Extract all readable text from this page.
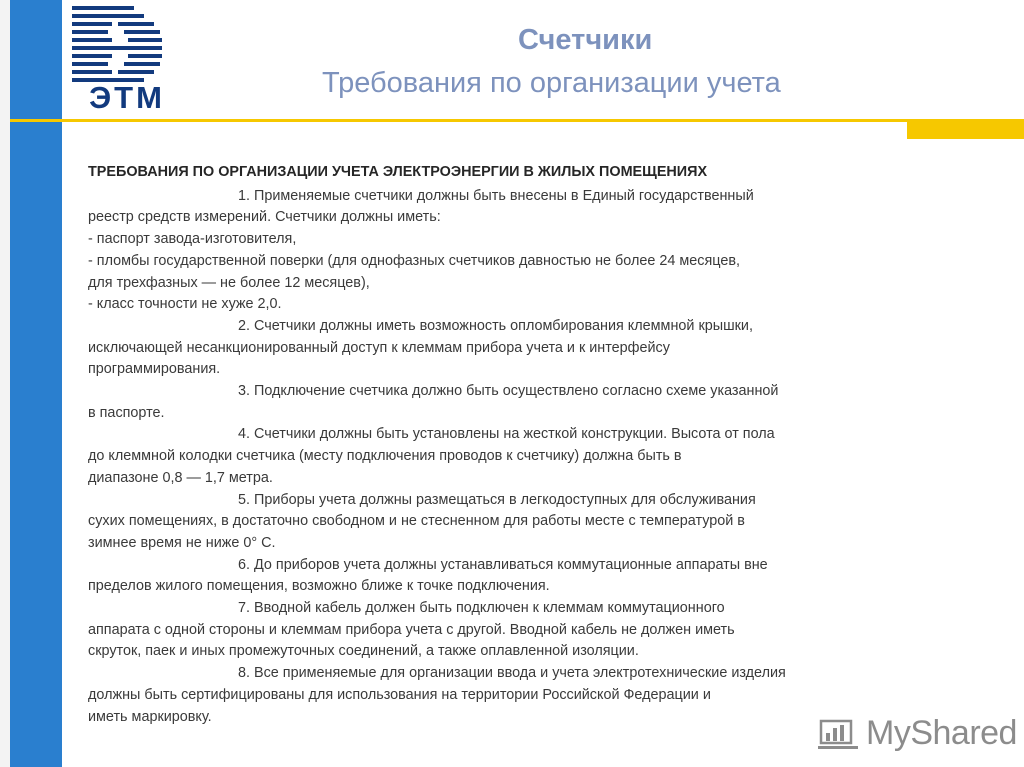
ЭТМ
Счетчики
Требования по организации учета
ТРЕБОВАНИЯ ПО ОРГАНИЗАЦИИ УЧЕТА ЭЛЕКТРОЭНЕРГИИ В ЖИЛЫХ ПОМЕЩЕНИЯХ
1. Применяемые счетчики должны быть внесены в Единый государственный
реестр средств измерений. Счетчики должны иметь:
- паспорт завода-изготовителя,
- пломбы государственной поверки (для однофазных счетчиков давностью не более 24 месяцев,
для трехфазных — не более 12 месяцев),
- класс точности не хуже 2,0.
2. Счетчики должны иметь возможность опломбирования клеммной крышки,
исключающей несанкционированный доступ к клеммам прибора учета и к интерфейсу
программирования.
3. Подключение счетчика должно быть осуществлено согласно схеме указанной
в паспорте.
4. Счетчики должны быть установлены на жесткой конструкции. Высота от пола
до клеммной колодки счетчика (месту подключения проводов к счетчику) должна быть в
диапазоне 0,8 — 1,7 метра.
5. Приборы учета должны размещаться в легкодоступных для обслуживания
сухих помещениях, в достаточно свободном и не стесненном для работы месте с температурой в
зимнее время не ниже 0° С.
6. До приборов учета должны устанавливаться коммутационные аппараты вне
пределов жилого помещения, возможно ближе к точке подключения.
7. Вводной кабель должен быть подключен к клеммам коммутационного
аппарата с одной стороны и клеммам прибора учета с другой. Вводной кабель не должен иметь
скруток, паек и иных промежуточных соединений, а также оплавленной изоляции.
8. Все применяемые для организации ввода и учета электротехнические изделия
должны быть сертифицированы для использования на территории Российской Федерации и
иметь маркировку.	MyShared
